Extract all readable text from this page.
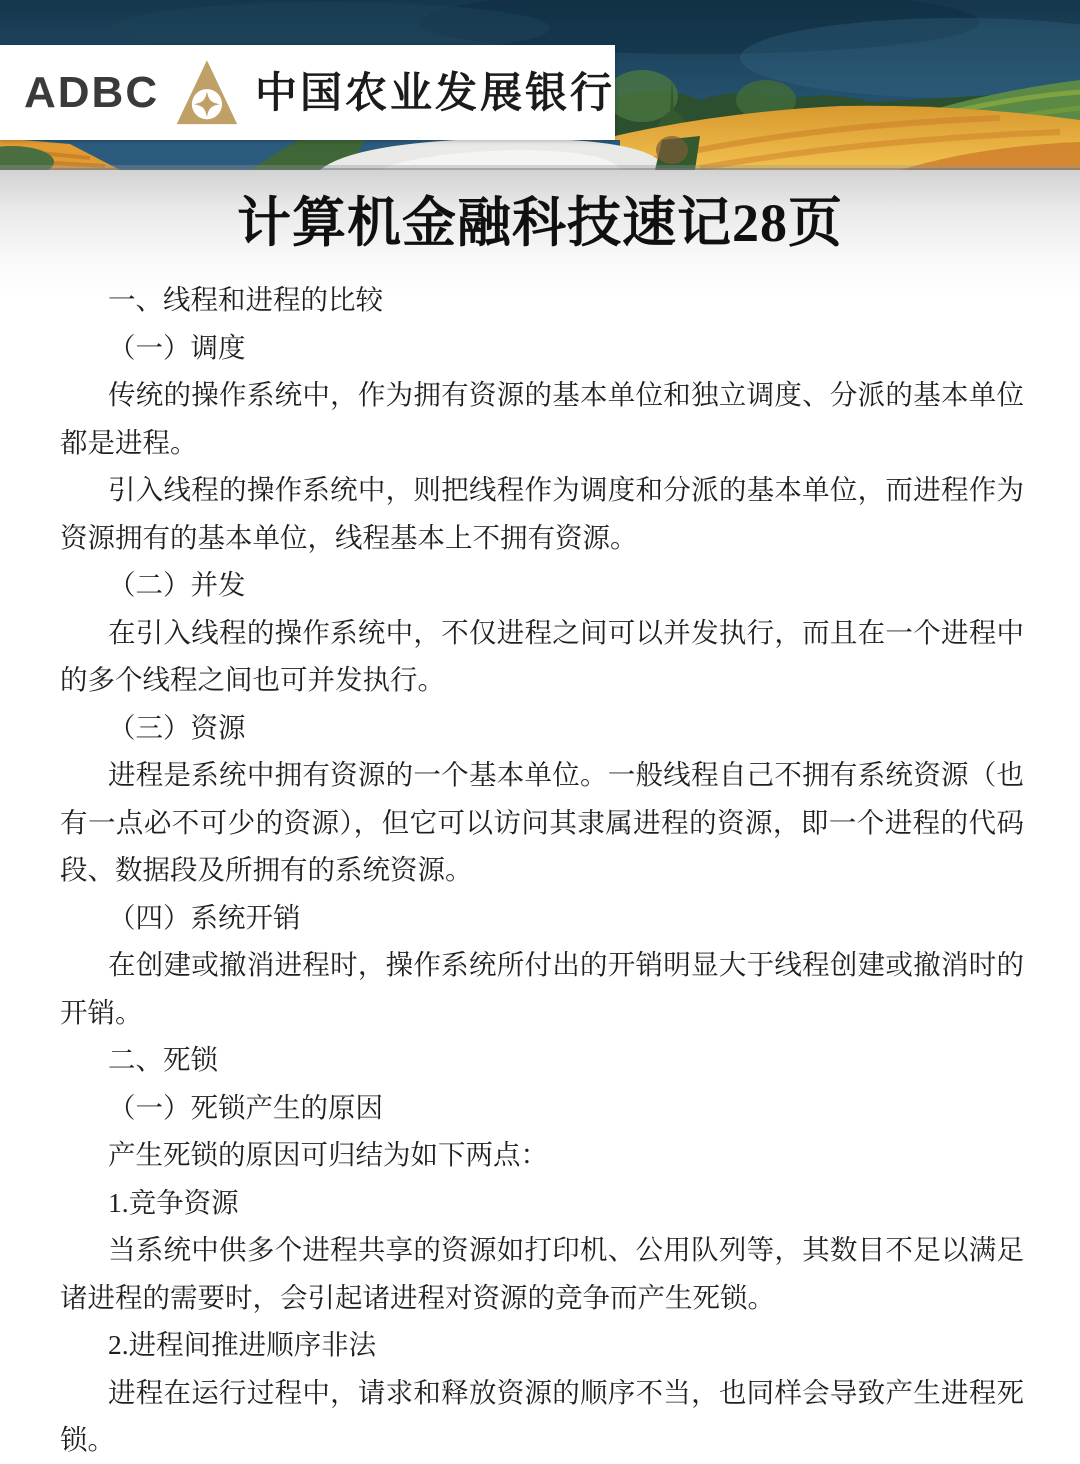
ADBC 中国农业发展银行
计算机金融科技速记28页

一、线程和进程的比较

（一）调度

传统的操作系统中，作为拥有资源的基本单位和独立调度、分派的基本单位都是进程。

引入线程的操作系统中，则把线程作为调度和分派的基本单位，而进程作为资源拥有的基本单位，线程基本上不拥有资源。

（二）并发

在引入线程的操作系统中，不仅进程之间可以并发执行，而且在一个进程中的多个线程之间也可并发执行。

（三）资源

进程是系统中拥有资源的一个基本单位。一般线程自己不拥有系统资源（也有一点必不可少的资源），但它可以访问其隶属进程的资源，即一个进程的代码段、数据段及所拥有的系统资源。

（四）系统开销

在创建或撤消进程时，操作系统所付出的开销明显大于线程创建或撤消时的开销。

二、死锁

（一）死锁产生的原因

产生死锁的原因可归结为如下两点：

1.竞争资源

当系统中供多个进程共享的资源如打印机、公用队列等，其数目不足以满足诸进程的需要时，会引起诸进程对资源的竞争而产生死锁。

2.进程间推进顺序非法

进程在运行过程中，请求和释放资源的顺序不当，也同样会导致产生进程死锁。
